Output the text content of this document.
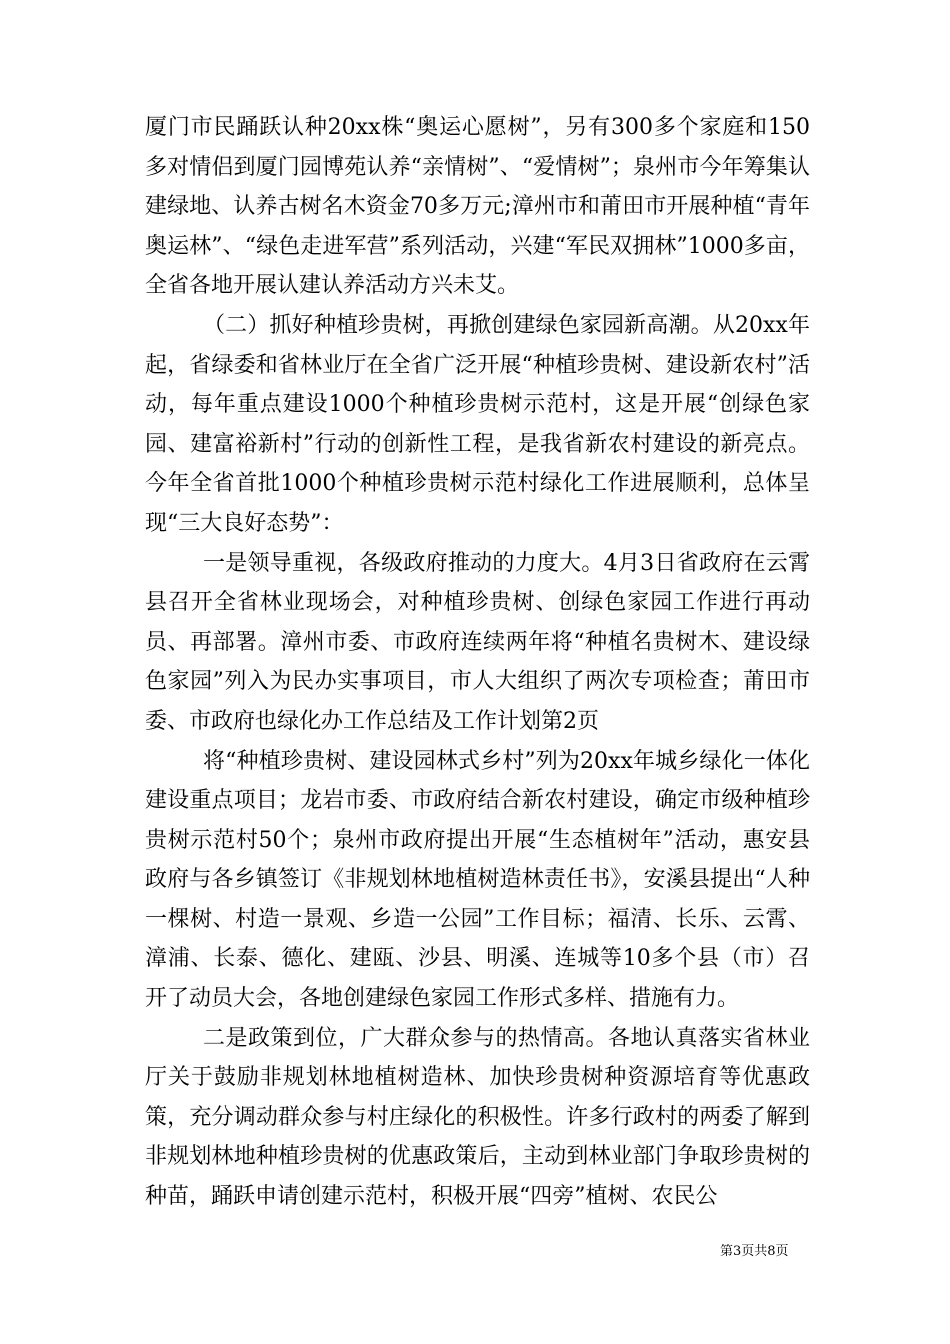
厦门市民踊跃认种20xx株“奥运心愿树”，另有300多个家庭和150多对情侣到厦门园博苑认养“亲情树”、“爱情树”；泉州市今年筹集认建绿地、认养古树名木资金70多万元;漳州市和莆田市开展种植“青年奥运林”、“绿色走进军营”系列活动，兴建“军民双拥林”1000多亩，全省各地开展认建认养活动方兴未艾。

（二）抓好种植珍贵树，再掀创建绿色家园新高潮。从20xx年起，省绿委和省林业厅在全省广泛开展“种植珍贵树、建设新农村”活动，每年重点建设1000个种植珍贵树示范村，这是开展“创绿色家园、建富裕新村”行动的创新性工程，是我省新农村建设的新亮点。今年全省首批1000个种植珍贵树示范村绿化工作进展顺利，总体呈现“三大良好态势”：

一是领导重视，各级政府推动的力度大。4月3日省政府在云霄县召开全省林业现场会，对种植珍贵树、创绿色家园工作进行再动员、再部署。漳州市委、市政府连续两年将“种植名贵树木、建设绿色家园”列入为民办实事项目，市人大组织了两次专项检查；莆田市委、市政府也绿化办工作总结及工作计划第2页

将“种植珍贵树、建设园林式乡村”列为20xx年城乡绿化一体化建设重点项目；龙岩市委、市政府结合新农村建设，确定市级种植珍贵树示范村50个；泉州市政府提出开展“生态植树年”活动，惠安县政府与各乡镇签订《非规划林地植树造林责任书》，安溪县提出“人种一棵树、村造一景观、乡造一公园”工作目标；福清、长乐、云霄、漳浦、长泰、德化、建瓯、沙县、明溪、连城等10多个县（市）召开了动员大会，各地创建绿色家园工作形式多样、措施有力。

二是政策到位，广大群众参与的热情高。各地认真落实省林业厅关于鼓励非规划林地植树造林、加快珍贵树种资源培育等优惠政策，充分调动群众参与村庄绿化的积极性。许多行政村的两委了解到非规划林地种植珍贵树的优惠政策后，主动到林业部门争取珍贵树的种苗，踊跃申请创建示范村，积极开展“四旁”植树、农民公

第3页共8页
